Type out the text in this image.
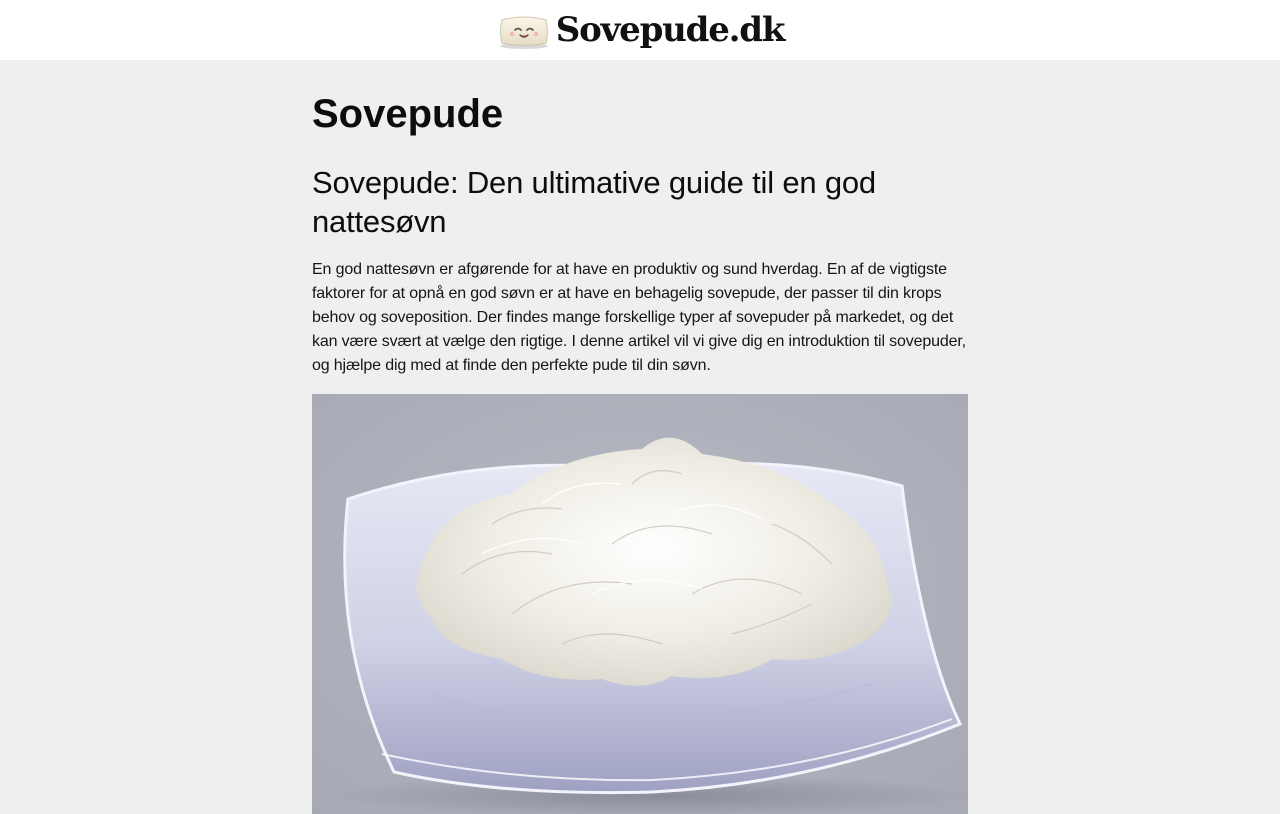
Sovepude.dk
Sovepude
Sovepude: Den ultimative guide til en god nattesøvn

En god nattesøvn er afgørende for at have en produktiv og sund hverdag. En af de vigtigste faktorer for at opnå en god søvn er at have en behagelig sovepude, der passer til din krops behov og soveposition. Der findes mange forskellige typer af sovepuder på markedet, og det kan være svært at vælge den rigtige. I denne artikel vil vi give dig en introduktion til sovepuder, og hjælpe dig med at finde den perfekte pude til din søvn.
